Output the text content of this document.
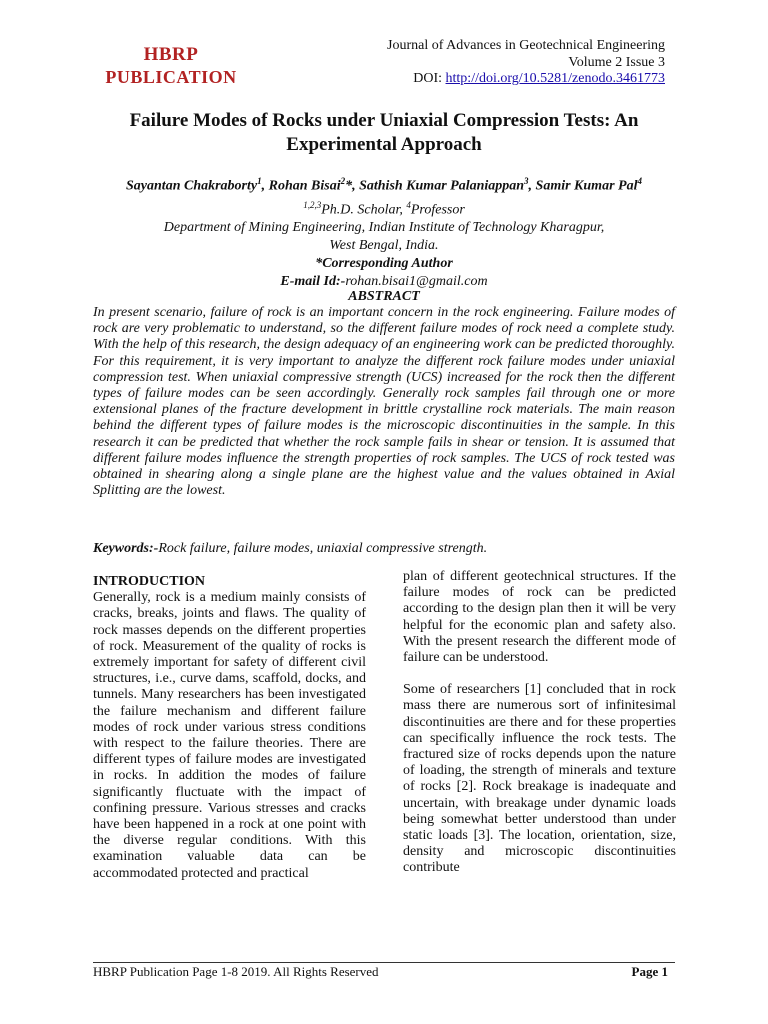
HBRP
PUBLICATION
Journal of Advances in Geotechnical Engineering
Volume 2 Issue 3
DOI: http://doi.org/10.5281/zenodo.3461773
Failure Modes of Rocks under Uniaxial Compression Tests: An Experimental Approach
Sayantan Chakraborty$^1$, Rohan Bisai$^2$*, Sathish Kumar Palaniappan$^3$, Samir Kumar Pal$^4$
$^{1,2,3}$Ph.D. Scholar, $^4$Professor
Department of Mining Engineering, Indian Institute of Technology Kharagpur,
West Bengal, India.
*Corresponding Author
E-mail Id:-rohan.bisai1@gmail.com
ABSTRACT
In present scenario, failure of rock is an important concern in the rock engineering. Failure modes of rock are very problematic to understand, so the different failure modes of rock need a complete study. With the help of this research, the design adequacy of an engineering work can be predicted thoroughly. For this requirement, it is very important to analyze the different rock failure modes under uniaxial compression test. When uniaxial compressive strength (UCS) increased for the rock then the different types of failure modes can be seen accordingly. Generally rock samples fail through one or more extensional planes of the fracture development in brittle crystalline rock materials. The main reason behind the different types of failure modes is the microscopic discontinuities in the sample. In this research it can be predicted that whether the rock sample fails in shear or tension. It is assumed that different failure modes influence the strength properties of rock samples. The UCS of rock tested was obtained in shearing along a single plane are the highest value and the values obtained in Axial Splitting are the lowest.
Keywords:-Rock failure, failure modes, uniaxial compressive strength.
INTRODUCTION

Generally, rock is a medium mainly consists of cracks, breaks, joints and flaws. The quality of rock masses depends on the different properties of rock. Measurement of the quality of rocks is extremely important for safety of different civil structures, i.e., curve dams, scaffold, docks, and tunnels. Many researchers has been investigated the failure mechanism and different failure modes of rock under various stress conditions with respect to the failure theories. There are different types of failure modes are investigated in rocks. In addition the modes of failure significantly fluctuate with the impact of confining pressure. Various stresses and cracks have been happened in a rock at one point with the diverse regular conditions. With this examination valuable data can be accommodated protected and practical

plan of different geotechnical structures. If the failure modes of rock can be predicted according to the design plan then it will be very helpful for the economic plan and safety also. With the present research the different mode of failure can be understood.

Some of researchers [1] concluded that in rock mass there are numerous sort of infinitesimal discontinuities are there and for these properties can specifically influence the rock tests. The fractured size of rocks depends upon the nature of loading, the strength of minerals and texture of rocks [2]. Rock breakage is inadequate and uncertain, with breakage under dynamic loads being somewhat better understood than under static loads [3]. The location, orientation, size, density and microscopic discontinuities contribute

HBRP Publication Page 1-8 2019. All Rights Reserved	Page 1
